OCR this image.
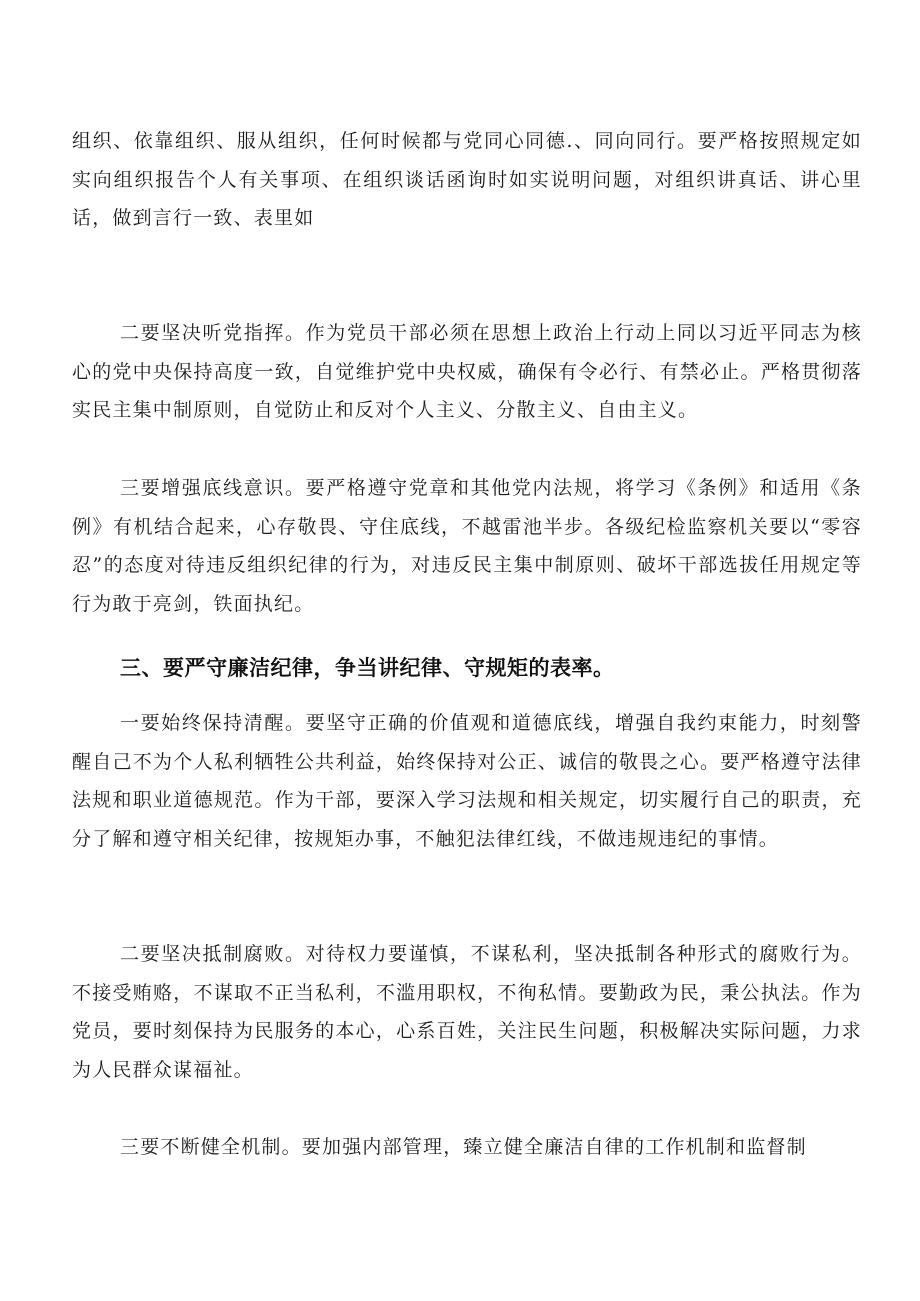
组织、依靠组织、服从组织，任何时候都与党同心同德.、同向同行。要严格按照规定如实向组织报告个人有关事项、在组织谈话函询时如实说明问题，对组织讲真话、讲心里话，做到言行一致、表里如

二要坚决听党指挥。作为党员干部必须在思想上政治上行动上同以习近平同志为核心的党中央保持高度一致，自觉维护党中央权威，确保有令必行、有禁必止。严格贯彻落实民主集中制原则，自觉防止和反对个人主义、分散主义、自由主义。

三要增强底线意识。要严格遵守党章和其他党内法规，将学习《条例》和适用《条例》有机结合起来，心存敬畏、守住底线，不越雷池半步。各级纪检监察机关要以“零容忍”的态度对待违反组织纪律的行为，对违反民主集中制原则、破坏干部选拔任用规定等行为敢于亮剑，铁面执纪。

三、要严守廉洁纪律，争当讲纪律、守规矩的表率。

一要始终保持清醒。要坚守正确的价值观和道德底线，增强自我约束能力，时刻警醒自己不为个人私利牺牲公共利益，始终保持对公正、诚信的敬畏之心。要严格遵守法律法规和职业道德规范。作为干部，要深入学习法规和相关规定，切实履行自己的职责，充分了解和遵守相关纪律，按规矩办事，不触犯法律红线，不做违规违纪的事情。

二要坚决抵制腐败。对待权力要谨慎，不谋私利，坚决抵制各种形式的腐败行为。不接受贿赂，不谋取不正当私利，不滥用职权，不徇私情。要勤政为民，秉公执法。作为党员，要时刻保持为民服务的本心，心系百姓，关注民生问题，积极解决实际问题，力求为人民群众谋福祉。

三要不断健全机制。要加强内部管理，臻立健全廉洁自律的工作机制和监督制
